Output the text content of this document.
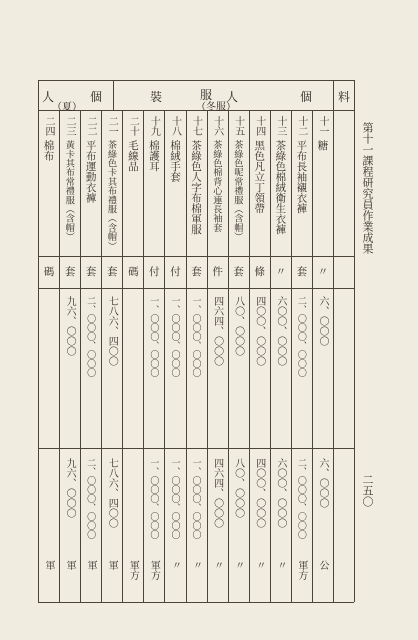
第十一課程研究員作業成果
二五〇
料
個
人
服
（冬服）
裝
個
人
（夏）
十一
糖
〃
六、〇〇〇
六、〇〇〇
公
十二
平布長袖襯衣褲
套
二、〇〇〇、〇〇〇
二、〇〇〇、〇〇〇
軍方
十三
茶綠色棉絨衛生衣褲
〃
六〇〇、〇〇〇
六〇〇、〇〇〇
〃
十四
黑色凡立丁領帶
條
四〇〇、〇〇〇
四〇〇、〇〇〇
〃
十五
茶綠色呢常禮服（含帽）
套
八〇、〇〇〇
八〇、〇〇〇
〃
十六
茶綠色棉背心連長袖套
件
四六四、〇〇〇
四六四、〇〇〇
〃
十七
茶綠色人字布棉軍服
套
一、〇〇〇、〇〇〇
一、〇〇〇、〇〇〇
〃
十八
棉絨手套
付
一、〇〇〇、〇〇〇
一、〇〇〇、〇〇〇
〃
十九
棉護耳
付
一、〇〇〇、〇〇〇
一、〇〇〇、〇〇〇
軍方
二十
毛線品
碼
軍方
二一
茶綠色卡其布禮服（含帽）
套
七八六、四〇〇
七八六、四〇〇
軍
二二
平布運動衣褲
套
二、〇〇〇、〇〇〇
二、〇〇〇、〇〇〇
軍
二三
黃卡其布常禮服（含帽）
套
九六、〇〇〇
九六、〇〇〇
軍
二四
棉布
碼
軍
